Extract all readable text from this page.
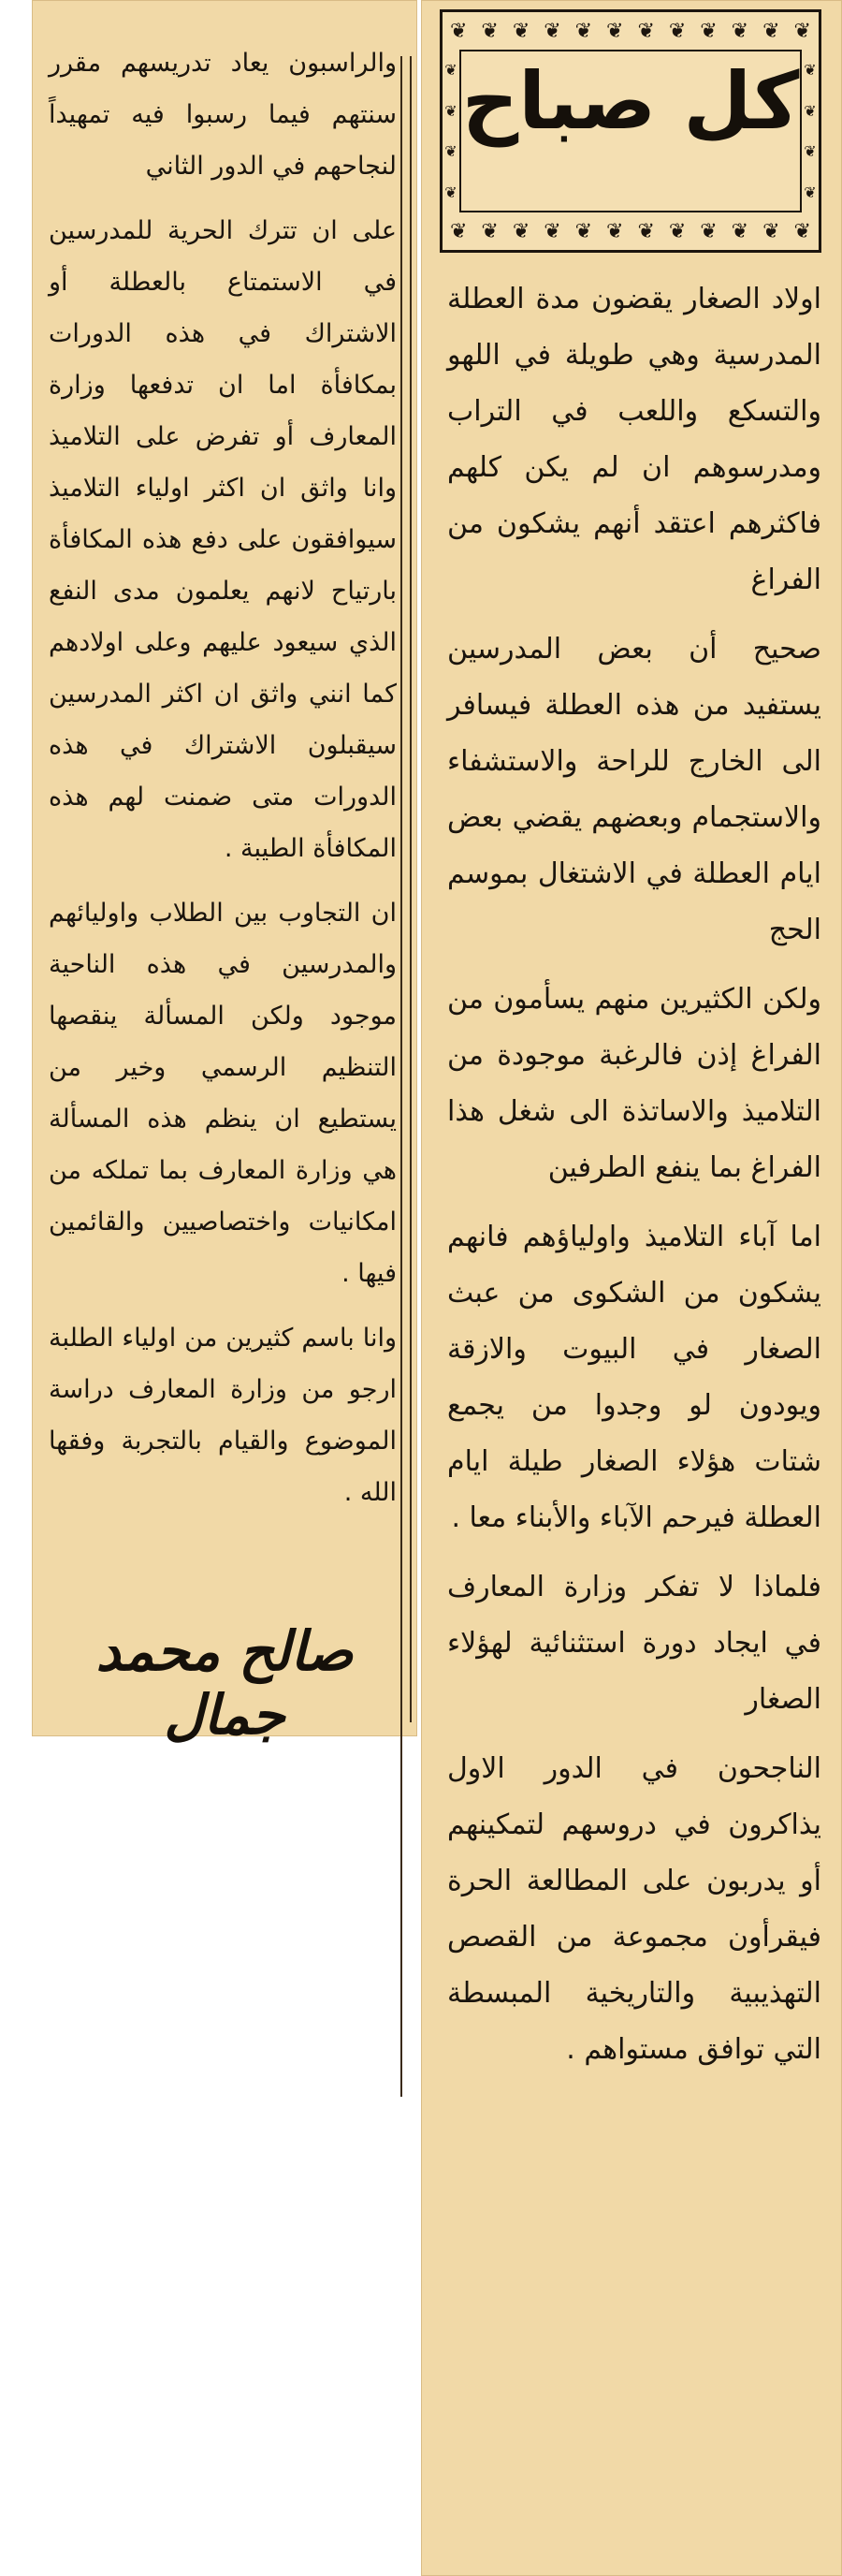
❦ ❦ ❦ ❦ ❦ ❦ ❦ ❦ ❦ ❦ ❦ ❦
❦
❦
❦
❦
❦
❦
❦
❦
❦ ❦ ❦ ❦ ❦ ❦ ❦ ❦ ❦ ❦ ❦ ❦
كل صباح

اولاد الصغار يقضون مدة العطلة المدرسية وهي طويلة في اللهو والتسكع واللعب في التراب ومدرسوهم ان لم يكن كلهم فاكثرهم اعتقد أنهم يشكون من الفراغ

صحيح أن بعض المدرسين يستفيد من هذه العطلة فيسافر الى الخارج للراحة والاستشفاء والاستجمام وبعضهم يقضي بعض ايام العطلة في الاشتغال بموسم الحج

ولكن الكثيرين منهم يسأمون من الفراغ إذن فالرغبة موجودة من التلاميذ والاساتذة الى شغل هذا الفراغ بما ينفع الطرفين

اما آباء التلاميذ واولياؤهم فانهم يشكون من الشكوى من عبث الصغار في البيوت والازقة ويودون لو وجدوا من يجمع شتات هؤلاء الصغار طيلة ايام العطلة فيرحم الآباء والأبناء معا .

فلماذا لا تفكر وزارة المعارف في ايجاد دورة استثنائية لهؤلاء الصغار

الناجحون في الدور الاول يذاكرون في دروسهم لتمكينهم أو يدربون على المطالعة الحرة فيقرأون مجموعة من القصص التهذيبية والتاريخية المبسطة التي توافق مستواهم .

والراسبون يعاد تدريسهم مقرر سنتهم فيما رسبوا فيه تمهيداً لنجاحهم في الدور الثاني

على ان تترك الحرية للمدرسين في الاستمتاع بالعطلة أو الاشتراك في هذه الدورات بمكافأة اما ان تدفعها وزارة المعارف أو تفرض على التلاميذ وانا واثق ان اكثر اولياء التلاميذ سيوافقون على دفع هذه المكافأة بارتياح لانهم يعلمون مدى النفع الذي سيعود عليهم وعلى اولادهم كما انني واثق ان اكثر المدرسين سيقبلون الاشتراك في هذه الدورات متى ضمنت لهم هذه المكافأة الطيبة .

ان التجاوب بين الطلاب واوليائهم والمدرسين في هذه الناحية موجود ولكن المسألة ينقصها التنظيم الرسمي وخير من يستطيع ان ينظم هذه المسألة هي وزارة المعارف بما تملكه من امكانيات واختصاصيين والقائمين فيها .

وانا باسم كثيرين من اولياء الطلبة ارجو من وزارة المعارف دراسة الموضوع والقيام بالتجربة وفقها الله .

صالح محمد جمال
